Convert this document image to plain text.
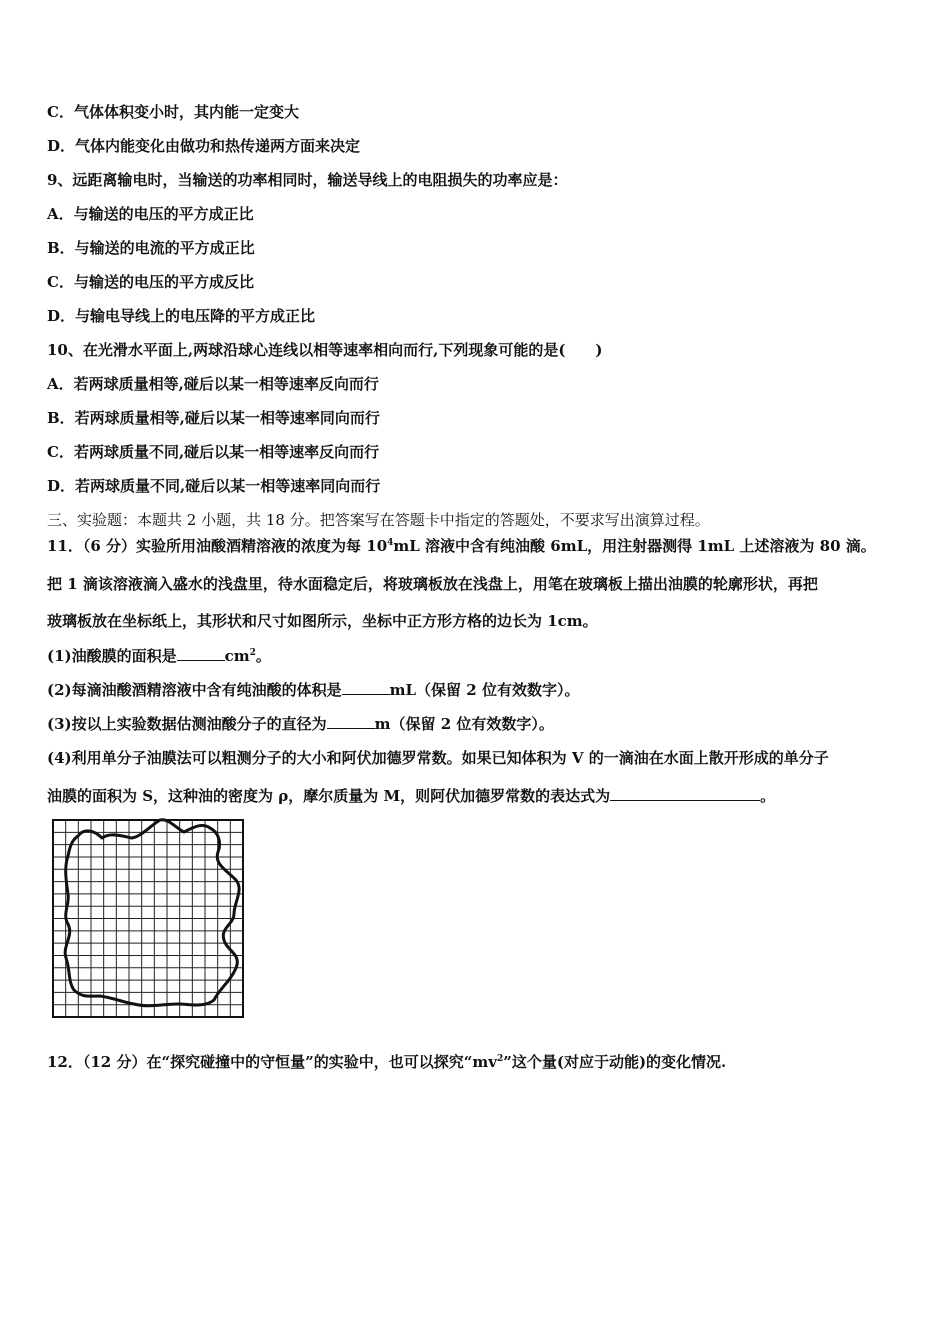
C．气体体积变小时，其内能一定变大
D．气体内能变化由做功和热传递两方面来决定
9、远距离输电时，当输送的功率相同时，输送导线上的电阻损失的功率应是：
A．与输送的电压的平方成正比
B．与输送的电流的平方成正比
C．与输送的电压的平方成反比
D．与输电导线上的电压降的平方成正比
10、在光滑水平面上,两球沿球心连线以相等速率相向而行,下列现象可能的是(　　)
A．若两球质量相等,碰后以某一相等速率反向而行
B．若两球质量相等,碰后以某一相等速率同向而行
C．若两球质量不同,碰后以某一相等速率反向而行
D．若两球质量不同,碰后以某一相等速率同向而行
三、实验题：本题共 2 小题，共 18 分。把答案写在答题卡中指定的答题处，不要求写出演算过程。
11．（6 分）实验所用油酸酒精溶液的浓度为每 $10^4mL$ 溶液中含有纯油酸 6mL，用注射器测得 1mL 上述溶液为 80 滴。
把 1 滴该溶液滴入盛水的浅盘里，待水面稳定后，将玻璃板放在浅盘上，用笔在玻璃板上描出油膜的轮廓形状，再把
玻璃板放在坐标纸上，其形状和尺寸如图所示，坐标中正方形方格的边长为 1cm。
(1)油酸膜的面积是	$cm^2$。
(2)每滴油酸酒精溶液中含有纯油酸的体积是	mL（保留 2 位有效数字）。
(3)按以上实验数据估测油酸分子的直径为	m（保留 2 位有效数字）。
(4)利用单分子油膜法可以粗测分子的大小和阿伏加德罗常数。如果已知体积为 V 的一滴油在水面上散开形成的单分子
油膜的面积为 S，这种油的密度为 ρ，摩尔质量为 M，则阿伏加德罗常数的表达式为	。
12．（12 分）在“探究碰撞中的守恒量”的实验中，也可以探究“$mv^2$”这个量(对应于动能)的变化情况.
